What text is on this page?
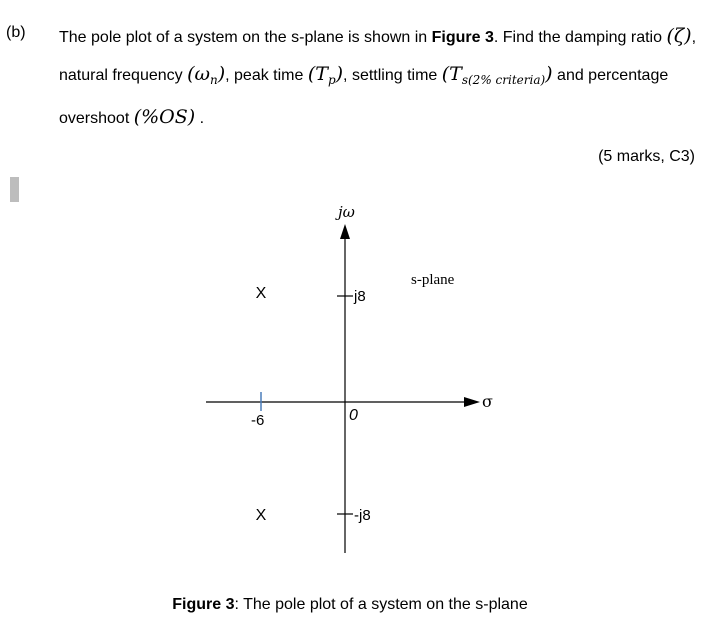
(b) The pole plot of a system on the s-plane is shown in Figure 3. Find the damping ratio (ζ),
natural frequency $(\omega_n)$, peak time $(T_p)$, settling time $(T_{s(2\% criteria)})$ and percentage
overshoot (%OS) .
(5 marks, C3)
jω
σ
s-plane
j8
-j8
-6	0
X
X
Figure 3: The pole plot of a system on the s-plane
